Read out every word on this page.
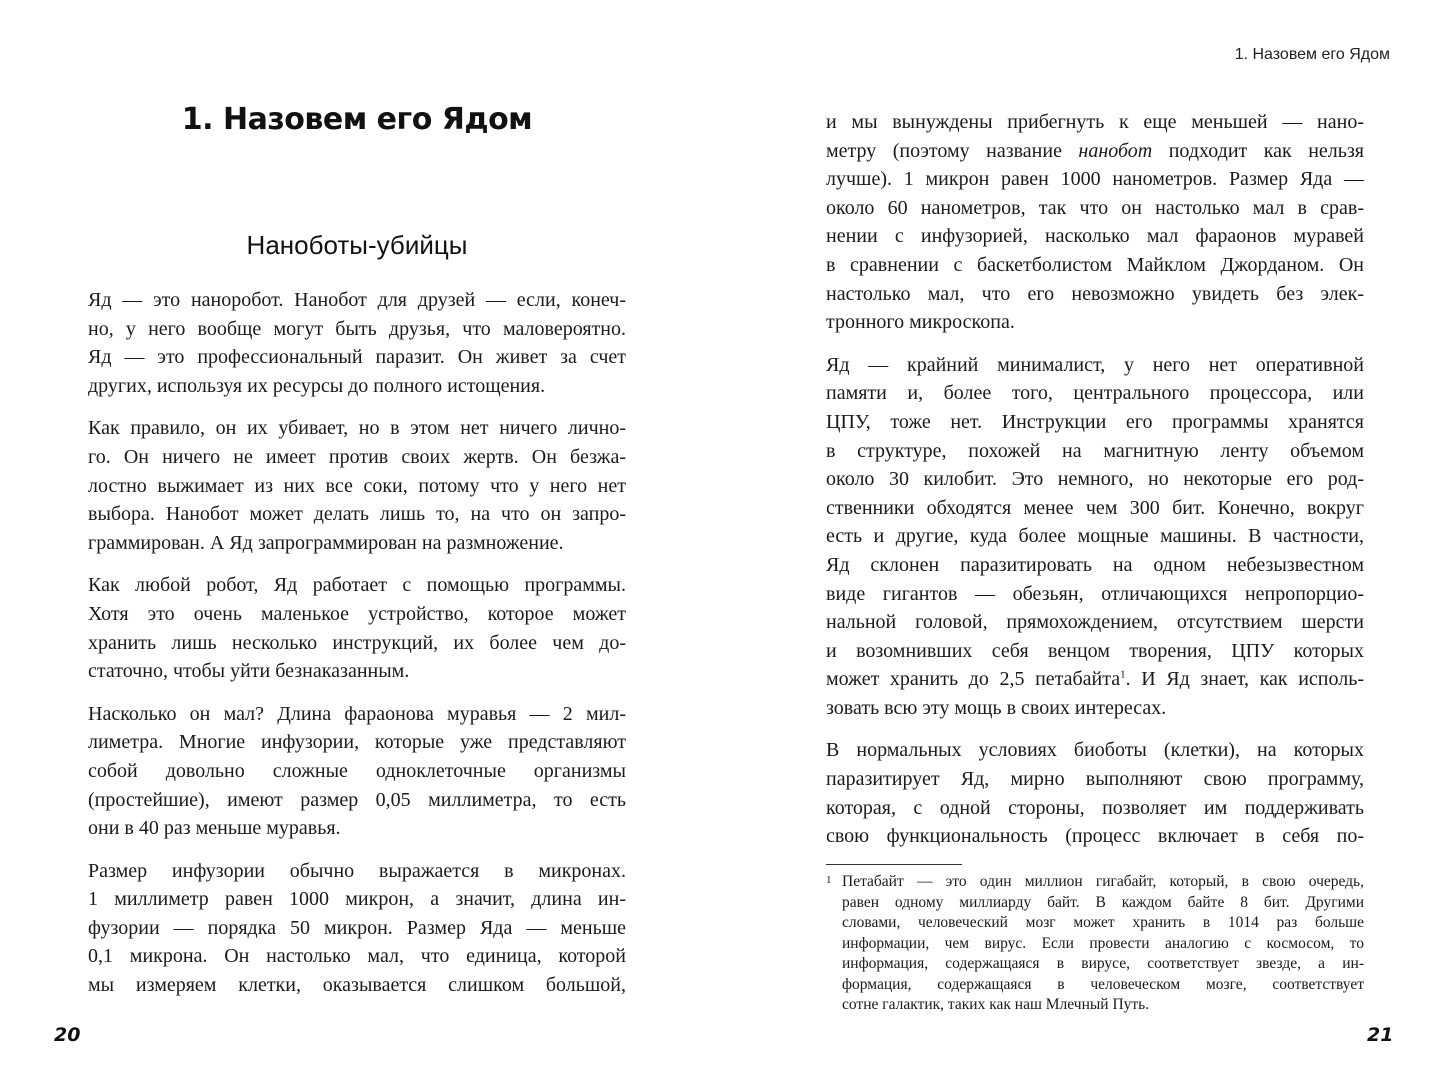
1. Назовем его Ядом
Наноботы-убийцы

Яд — это наноробот. Нанобот для друзей — если, конеч-
но, у него вообще могут быть друзья, что маловероятно.
Яд — это профессиональный паразит. Он живет за счет
других, используя их ресурсы до полного истощения.

Как правило, он их убивает, но в этом нет ничего лично-
го. Он ничего не имеет против своих жертв. Он безжа-
лостно выжимает из них все соки, потому что у него нет
выбора. Нанобот может делать лишь то, на что он запро-
граммирован. А Яд запрограммирован на размножение.

Как любой робот, Яд работает с помощью программы.
Хотя это очень маленькое устройство, которое может
хранить лишь несколько инструкций, их более чем до-
статочно, чтобы уйти безнаказанным.

Насколько он мал? Длина фараонова муравья — 2 мил-
лиметра. Многие инфузории, которые уже представляют
собой довольно сложные одноклеточные организмы
(простейшие), имеют размер 0,05 миллиметра, то есть
они в 40 раз меньше муравья.

Размер инфузории обычно выражается в микронах.
1 миллиметр равен 1000 микрон, а значит, длина ин-
фузории — порядка 50 микрон. Размер Яда — меньше
0,1 микрона. Он настолько мал, что единица, которой
мы измеряем клетки, оказывается слишком большой,

20
1. Назовем его Ядом

и мы вынуждены прибегнуть к еще меньшей — нано-
метру (поэтому название нанобот подходит как нельзя
лучше). 1 микрон равен 1000 нанометров. Размер Яда —
около 60 нанометров, так что он настолько мал в срав-
нении с инфузорией, насколько мал фараонов муравей
в сравнении с баскетболистом Майклом Джорданом. Он
настолько мал, что его невозможно увидеть без элек-
тронного микроскопа.

Яд — крайний минималист, у него нет оперативной
памяти и, более того, центрального процессора, или
ЦПУ, тоже нет. Инструкции его программы хранятся
в структуре, похожей на магнитную ленту объемом
около 30 килобит. Это немного, но некоторые его род-
ственники обходятся менее чем 300 бит. Конечно, вокруг
есть и другие, куда более мощные машины. В частности,
Яд склонен паразитировать на одном небезызвестном
виде гигантов — обезьян, отличающихся непропорцио-
нальной головой, прямохождением, отсутствием шерсти
и возомнивших себя венцом творения, ЦПУ которых
может хранить до 2,5 петабайта$^1$. И Яд знает, как исполь-
зовать всю эту мощь в своих интересах.

В нормальных условиях биоботы (клетки), на которых
паразитирует Яд, мирно выполняют свою программу,
которая, с одной стороны, позволяет им поддерживать
свою функциональность (процесс включает в себя по-

1 Петабайт — это один миллион гигабайт, который, в свою очередь,
равен одному миллиарду байт. В каждом байте 8 бит. Другими
словами, человеческий мозг может хранить в 1014 раз больше
информации, чем вирус. Если провести аналогию с космосом, то
информация, содержащаяся в вирусе, соответствует звезде, а ин-
формация, содержащаяся в человеческом мозге, соответствует
сотне галактик, таких как наш Млечный Путь.
21
